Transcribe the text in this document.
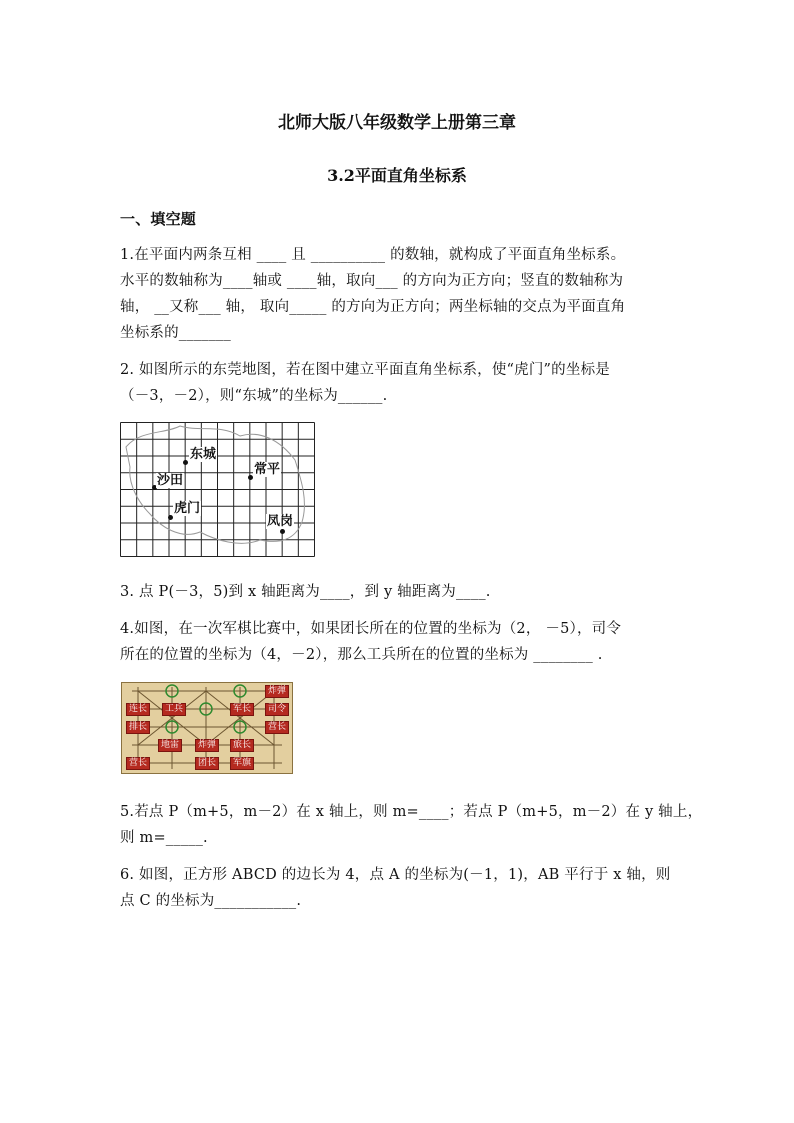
北师大版八年级数学上册第三章
3.2平面直角坐标系
一、填空题
1.在平面内两条互相 ____ 且 __________ 的数轴，就构成了平面直角坐标系。
水平的数轴称为____轴或 ____轴，取向___ 的方向为正方向；竖直的数轴称为
轴， __又称___ 轴， 取向_____ 的方向为正方向；两坐标轴的交点为平面直角
坐标系的_______
2. 如图所示的东莞地图，若在图中建立平面直角坐标系，使“虎门”的坐标是
（－3，－2），则“东城”的坐标为______.
沙田
东城
常平
虎门
凤岗
3. 点 P(－3，5)到 x 轴距离为____，到 y 轴距离为____.
4.如图，在一次军棋比赛中，如果团长所在的位置的坐标为（2， －5），司令
所在的位置的坐标为（4，－2），那么工兵所在的位置的坐标为 ________ .
炸弹
连长	工兵	军长	司令
排长	营长
地雷	炸弹	旅长
营长	团长	军旗
5.若点 P（m+5，m－2）在 x 轴上，则 m=____；若点 P（m+5，m－2）在 y 轴上，
则 m=_____.
6. 如图，正方形 ABCD 的边长为 4，点 A 的坐标为(－1，1)，AB 平行于 x 轴，则
点 C 的坐标为___________.
